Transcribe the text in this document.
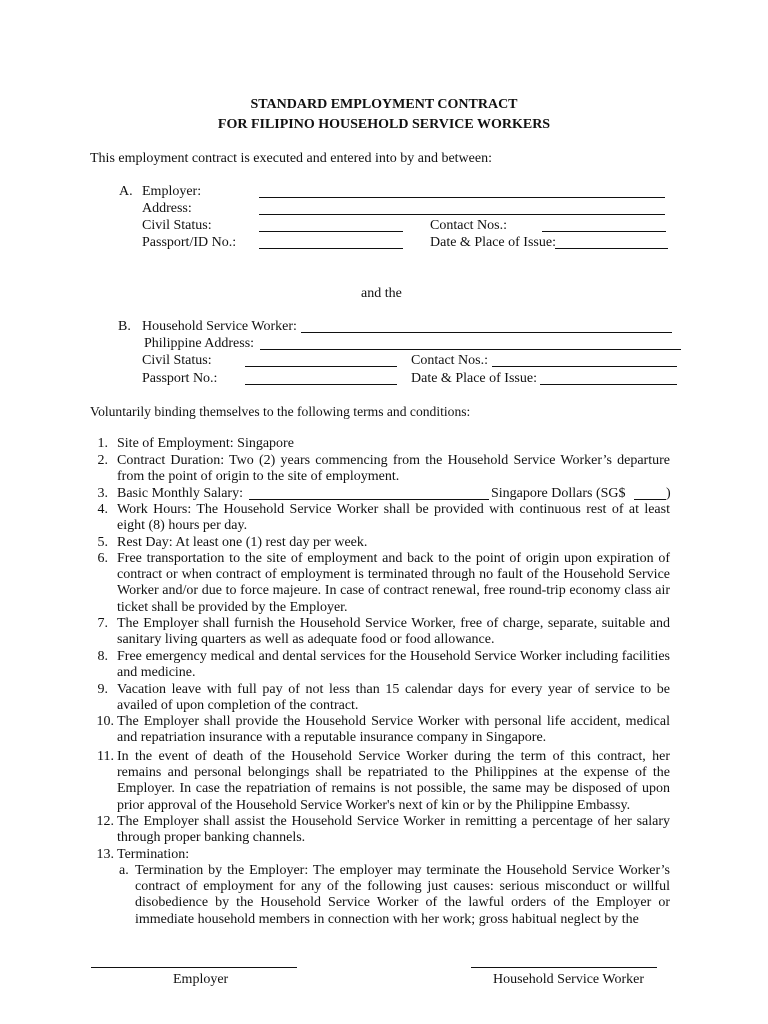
STANDARD EMPLOYMENT CONTRACT
FOR FILIPINO HOUSEHOLD SERVICE WORKERS
This employment contract is executed and entered into by and between:
A. Employer:
Address:
Civil Status:	Contact Nos.:
Passport/ID No.:	Date & Place of Issue:
and the
B. Household Service Worker:
Philippine Address:
Civil Status:	Contact Nos.:
Passport No.:	Date & Place of Issue:
Voluntarily binding themselves to the following terms and conditions:
1. Site of Employment: Singapore
2. Contract Duration: Two (2) years commencing from the Household Service Worker’s departure from the point of origin to the site of employment.
3. Basic Monthly Salary:	Singapore Dollars (SG$	)
4. Work Hours: The Household Service Worker shall be provided with continuous rest of at least eight (8) hours per day.
5. Rest Day: At least one (1) rest day per week.
6. Free transportation to the site of employment and back to the point of origin upon expiration of contract or when contract of employment is terminated through no fault of the Household Service Worker and/or due to force majeure. In case of contract renewal, free round-trip economy class air ticket shall be provided by the Employer.
7. The Employer shall furnish the Household Service Worker, free of charge, separate, suitable and sanitary living quarters as well as adequate food or food allowance.
8. Free emergency medical and dental services for the Household Service Worker including facilities and medicine.
9. Vacation leave with full pay of not less than 15 calendar days for every year of service to be availed of upon completion of the contract.
10. The Employer shall provide the Household Service Worker with personal life accident, medical and repatriation insurance with a reputable insurance company in Singapore.
11. In the event of death of the Household Service Worker during the term of this contract, her remains and personal belongings shall be repatriated to the Philippines at the expense of the Employer. In case the repatriation of remains is not possible, the same may be disposed of upon prior approval of the Household Service Worker's next of kin or by the Philippine Embassy.
12. The Employer shall assist the Household Service Worker in remitting a percentage of her salary through proper banking channels.
13. Termination:
a. Termination by the Employer: The employer may terminate the Household Service Worker’s contract of employment for any of the following just causes: serious misconduct or willful disobedience by the Household Service Worker of the lawful orders of the Employer or immediate household members in connection with her work; gross habitual neglect by the
Employer	Household Service Worker
